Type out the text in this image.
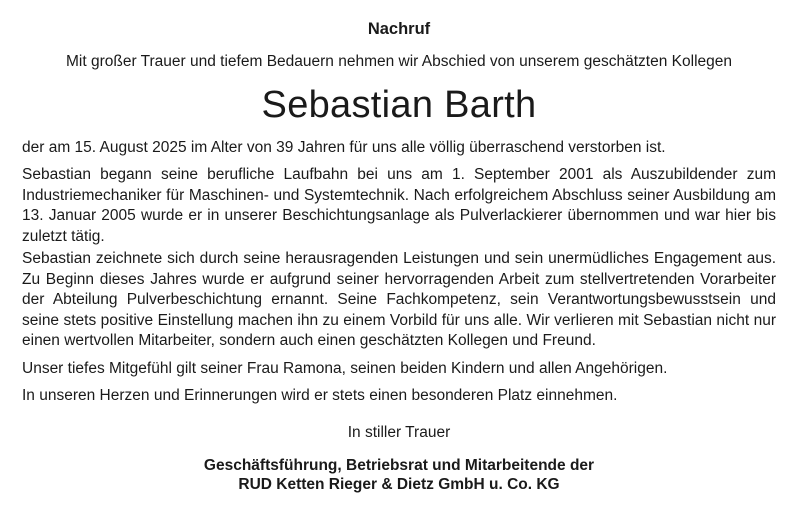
Nachruf
Mit großer Trauer und tiefem Bedauern nehmen wir Abschied von unserem geschätzten Kollegen
Sebastian Barth
der am 15. August 2025 im Alter von 39 Jahren für uns alle völlig überraschend verstorben ist.

Sebastian begann seine berufliche Laufbahn bei uns am 1. September 2001 als Auszubildender zum Industriemechaniker für Maschinen- und Systemtechnik. Nach erfolgreichem Abschluss seiner Ausbildung am 13. Januar 2005 wurde er in unserer Beschichtungsanlage als Pulverlackierer übernommen und war hier bis zuletzt tätig.

Sebastian zeichnete sich durch seine herausragenden Leistungen und sein unermüdliches Engagement aus. Zu Beginn dieses Jahres wurde er aufgrund seiner hervorragenden Arbeit zum stellvertretenden Vorarbeiter der Abteilung Pulverbeschichtung ernannt. Seine Fachkompetenz, sein Verantwortungsbewusstsein und seine stets positive Einstellung machen ihn zu einem Vorbild für uns alle. Wir verlieren mit Sebastian nicht nur einen wertvollen Mitarbeiter, sondern auch einen geschätzten Kollegen und Freund.

Unser tiefes Mitgefühl gilt seiner Frau Ramona, seinen beiden Kindern und allen Angehörigen.

In unseren Herzen und Erinnerungen wird er stets einen besonderen Platz einnehmen.

In stiller Trauer
Geschäftsführung, Betriebsrat und Mitarbeitende der
RUD Ketten Rieger & Dietz GmbH u. Co. KG
